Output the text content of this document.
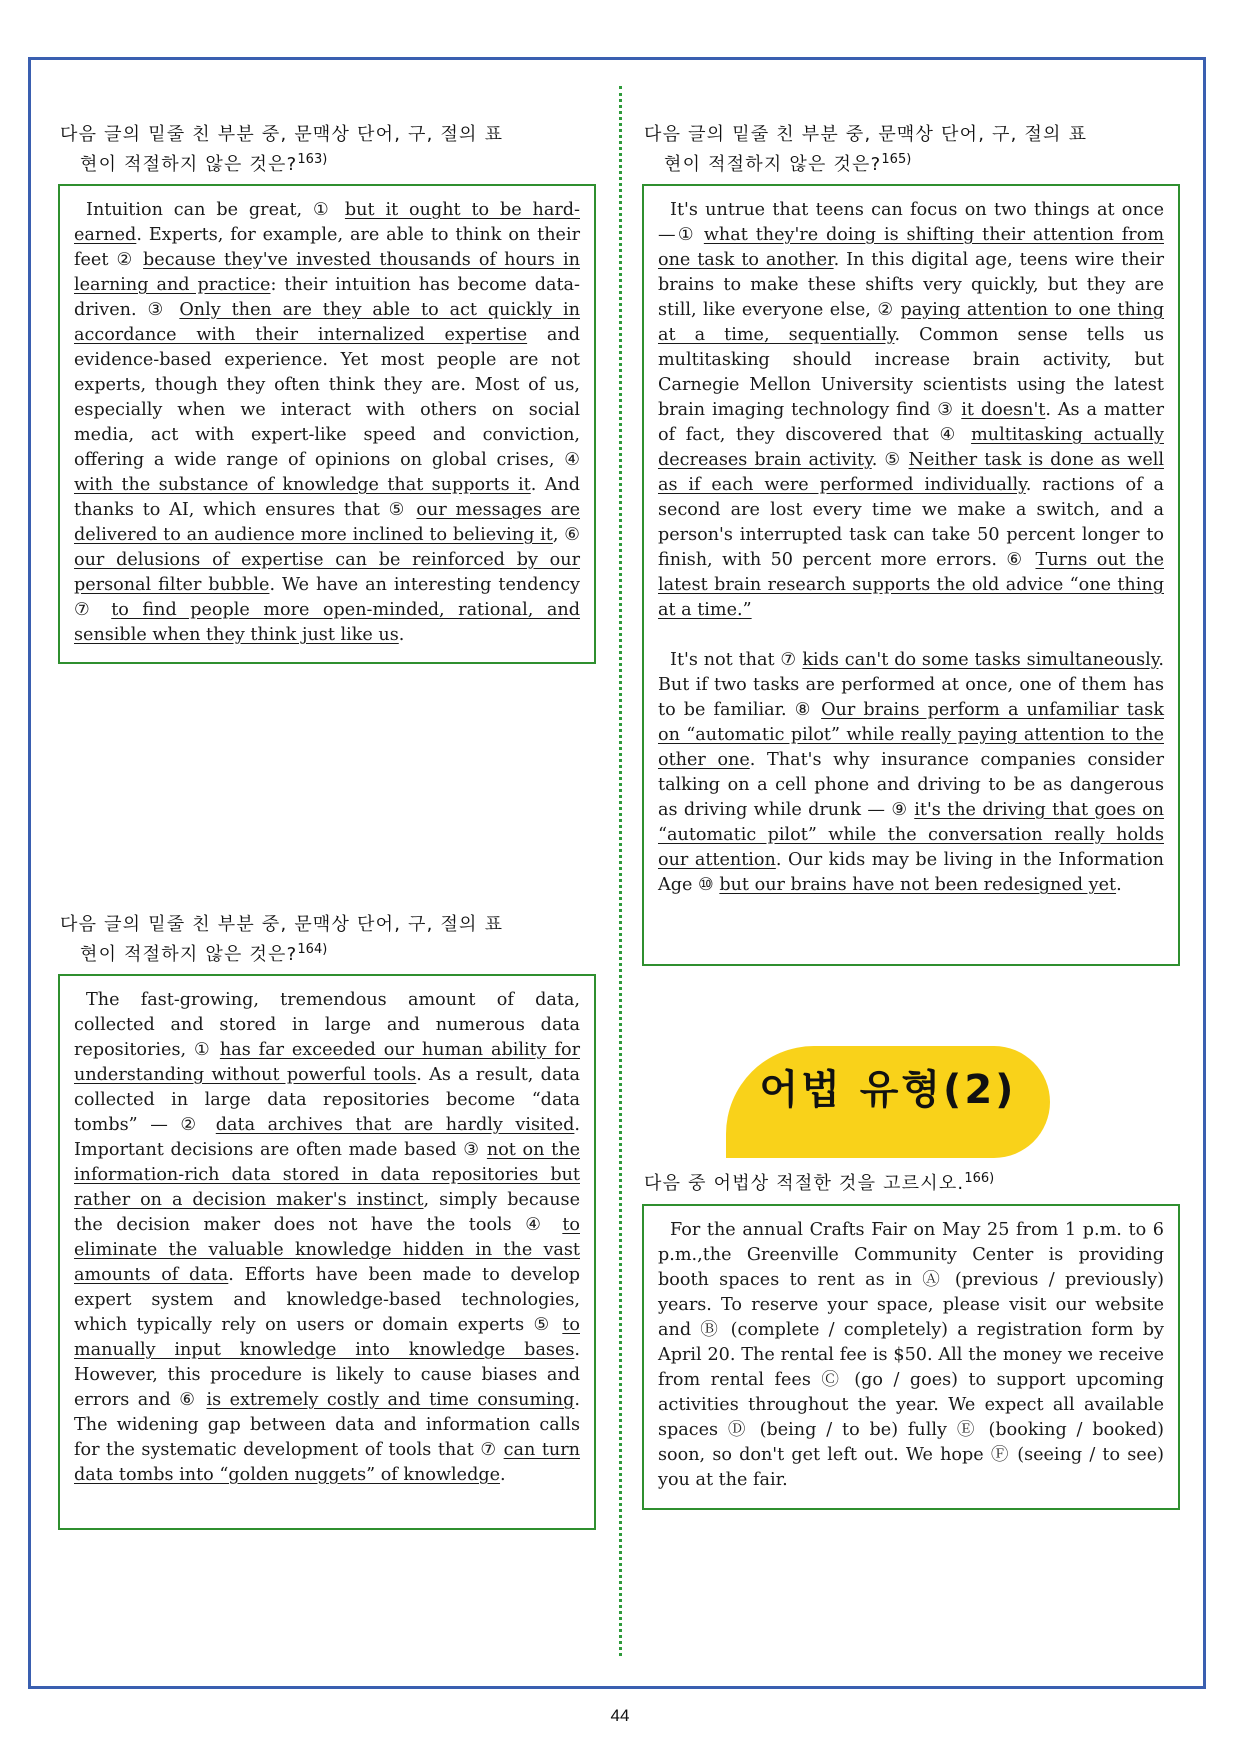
다음 글의 밑줄 친 부분 중, 문맥상 단어, 구, 절의 표
현이 적절하지 않은 것은?$^{163)}$

Intuition can be great, ① but it ought to be hard-earned. Experts, for example, are able to think on their feet ② because they've invested thousands of hours in learning and practice: their intuition has become data-driven. ③ Only then are they able to act quickly in accordance with their internalized expertise and evidence-based experience. Yet most people are not experts, though they often think they are. Most of us, especially when we interact with others on social media, act with expert-like speed and conviction, offering a wide range of opinions on global crises, ④ with the substance of knowledge that supports it. And thanks to AI, which ensures that ⑤ our messages are delivered to an audience more inclined to believing it, ⑥ our delusions of expertise can be reinforced by our personal filter bubble. We have an interesting tendency ⑦ to find people more open-minded, rational, and sensible when they think just like us.

다음 글의 밑줄 친 부분 중, 문맥상 단어, 구, 절의 표
현이 적절하지 않은 것은?$^{164)}$

The fast-growing, tremendous amount of data, collected and stored in large and numerous data repositories, ① has far exceeded our human ability for understanding without powerful tools. As a result, data collected in large data repositories become “data tombs” — ② data archives that are hardly visited. Important decisions are often made based ③ not on the information-rich data stored in data repositories but rather on a decision maker's instinct, simply because the decision maker does not have the tools ④ to eliminate the valuable knowledge hidden in the vast amounts of data. Efforts have been made to develop expert system and knowledge-based technologies, which typically rely on users or domain experts ⑤ to manually input knowledge into knowledge bases. However, this procedure is likely to cause biases and errors and ⑥ is extremely costly and time consuming. The widening gap between data and information calls for the systematic development of tools that ⑦ can turn data tombs into “golden nuggets” of knowledge.

다음 글의 밑줄 친 부분 중, 문맥상 단어, 구, 절의 표
현이 적절하지 않은 것은?$^{165)}$

It's untrue that teens can focus on two things at once —① what they're doing is shifting their attention from one task to another. In this digital age, teens wire their brains to make these shifts very quickly, but they are still, like everyone else, ② paying attention to one thing at a time, sequentially. Common sense tells us multitasking should increase brain activity, but Carnegie Mellon University scientists using the latest brain imaging technology find ③ it doesn't. As a matter of fact, they discovered that ④ multitasking actually decreases brain activity. ⑤ Neither task is done as well as if each were performed individually. ractions of a second are lost every time we make a switch, and a person's interrupted task can take 50 percent longer to finish, with 50 percent more errors. ⑥ Turns out the latest brain research supports the old advice “one thing at a time.”

It's not that ⑦ kids can't do some tasks simultaneously. But if two tasks are performed at once, one of them has to be familiar. ⑧ Our brains perform a unfamiliar task on “automatic pilot” while really paying attention to the other one. That's why insurance companies consider talking on a cell phone and driving to be as dangerous as driving while drunk — ⑨ it's the driving that goes on “automatic pilot” while the conversation really holds our attention. Our kids may be living in the Information Age ⑩ but our brains have not been redesigned yet.

어법 유형(2)
다음 중 어법상 적절한 것을 고르시오.$^{166)}$

For the annual Crafts Fair on May 25 from 1 p.m. to 6 p.m.,the Greenville Community Center is providing booth spaces to rent as in Ⓐ (previous / previously) years. To reserve your space, please visit our website and Ⓑ (complete / completely) a registration form by April 20. The rental fee is $50. All the money we receive from rental fees Ⓒ (go / goes) to support upcoming activities throughout the year. We expect all available spaces Ⓓ (being / to be) fully Ⓔ (booking / booked) soon, so don't get left out. We hope Ⓕ (seeing / to see) you at the fair.

44
